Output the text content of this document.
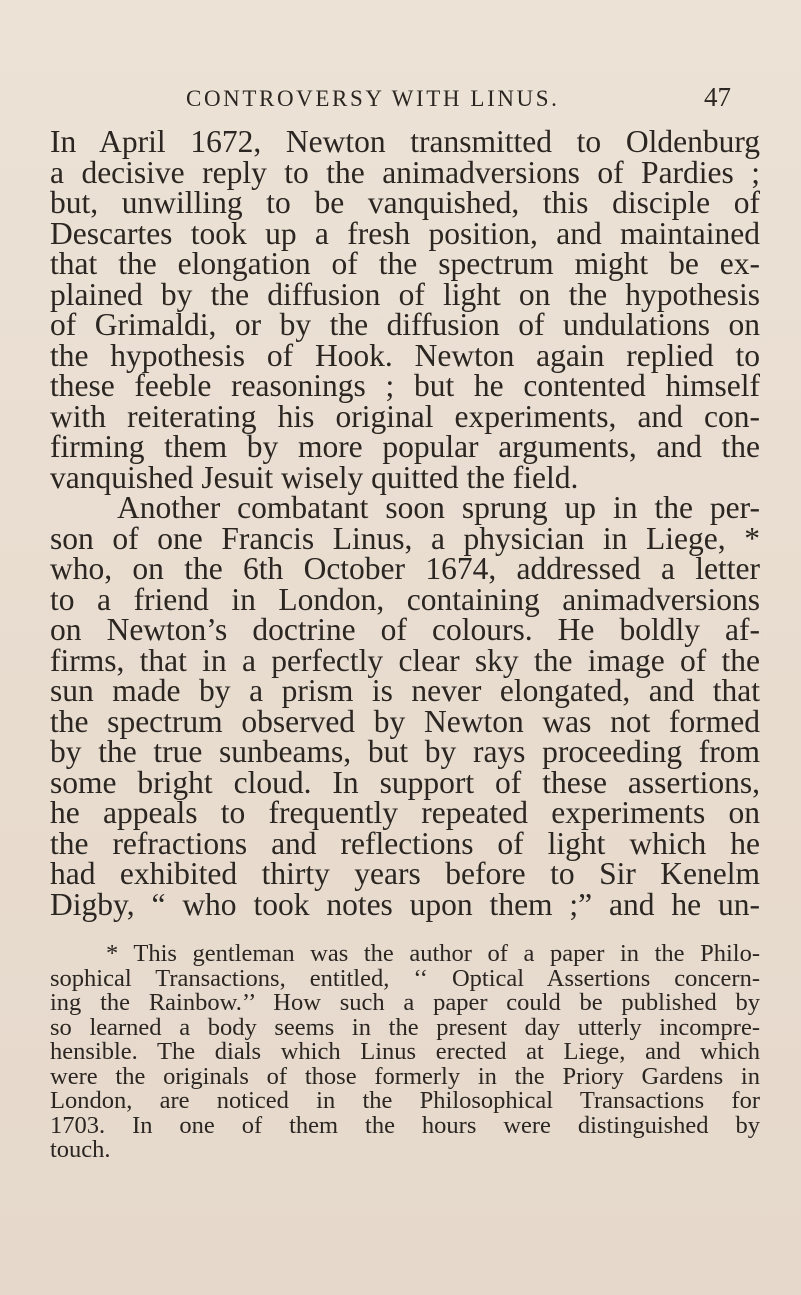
CONTROVERSY WITH LINUS.	47
In April 1672, Newton transmitted to Oldenburg
a decisive reply to the animadversions of Pardies ;
but, unwilling to be vanquished, this disciple of
Descartes took up a fresh position, and maintained
that the elongation of the spectrum might be ex-
plained by the diffusion of light on the hypothesis
of Grimaldi, or by the diffusion of undulations on
the hypothesis of Hook. Newton again replied to
these feeble reasonings ; but he contented himself
with reiterating his original experiments, and con-
firming them by more popular arguments, and the
vanquished Jesuit wisely quitted the field.
Another combatant soon sprung up in the per-
son of one Francis Linus, a physician in Liege, *
who, on the 6th October 1674, addressed a letter
to a friend in London, containing animadversions
on Newton’s doctrine of colours. He boldly af-
firms, that in a perfectly clear sky the image of the
sun made by a prism is never elongated, and that
the spectrum observed by Newton was not formed
by the true sunbeams, but by rays proceeding from
some bright cloud. In support of these assertions,
he appeals to frequently repeated experiments on
the refractions and reflections of light which he
had exhibited thirty years before to Sir Kenelm
Digby, “ who took notes upon them ;” and he un-
* This gentleman was the author of a paper in the Philo-
sophical Transactions, entitled, ‘‘ Optical Assertions concern-
ing the Rainbow.’’ How such a paper could be published by
so learned a body seems in the present day utterly incompre-
hensible. The dials which Linus erected at Liege, and which
were the originals of those formerly in the Priory Gardens in
London, are noticed in the Philosophical Transactions for
1703. In one of them the hours were distinguished by
touch.
